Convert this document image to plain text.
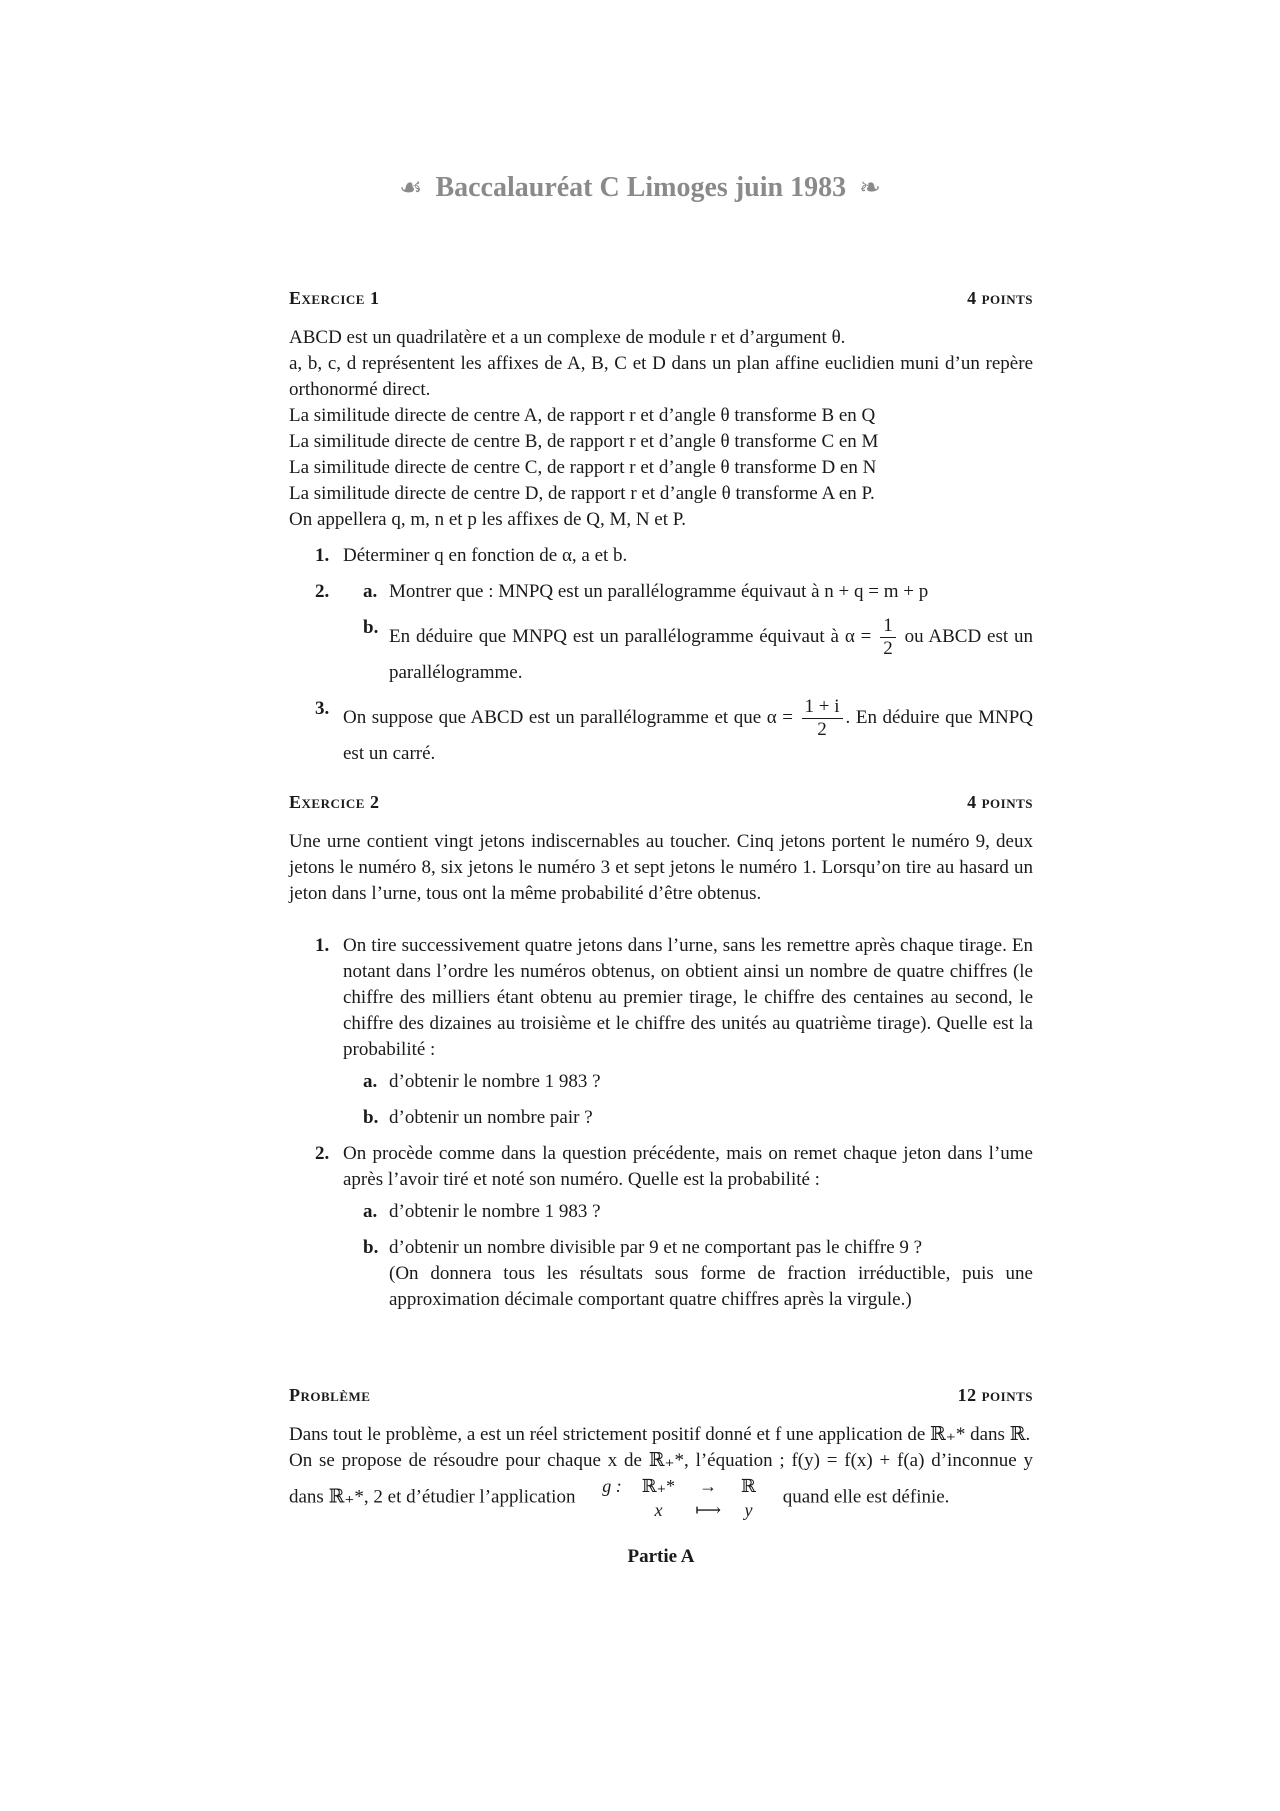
☙ Baccalauréat C Limoges juin 1983 ❧
Exercice 1	4 points
ABCD est un quadrilatère et a un complexe de module r et d’argument θ.
a, b, c, d représentent les affixes de A, B, C et D dans un plan affine euclidien muni d’un repère orthonormé direct.
La similitude directe de centre A, de rapport r et d’angle θ transforme B en Q
La similitude directe de centre B, de rapport r et d’angle θ transforme C en M
La similitude directe de centre C, de rapport r et d’angle θ transforme D en N
La similitude directe de centre D, de rapport r et d’angle θ transforme A en P.
On appellera q, m, n et p les affixes de Q, M, N et P.
1. Déterminer q en fonction de α, a et b.
2. a. Montrer que : MNPQ est un parallélogramme équivaut à n + q = m + p
b. En déduire que MNPQ est un parallélogramme équivaut à $\alpha = \frac{1}{2}$ ou ABCD est un parallélogramme.
3. On suppose que ABCD est un parallélogramme et que $\alpha = \frac{1 + i}{2}$ . En déduire que MNPQ est un carré.
Exercice 2	4 points
Une urne contient vingt jetons indiscernables au toucher. Cinq jetons portent le numéro 9, deux jetons le numéro 8, six jetons le numéro 3 et sept jetons le numéro 1. Lorsqu’on tire au hasard un jeton dans l’urne, tous ont la même probabilité d’être obtenus.
1. On tire successivement quatre jetons dans l’urne, sans les remettre après chaque tirage. En notant dans l’ordre les numéros obtenus, on obtient ainsi un nombre de quatre chiffres (le chiffre des milliers étant obtenu au premier tirage, le chiffre des centaines au second, le chiffre des dizaines au troisième et le chiffre des unités au quatrième tirage). Quelle est la probabilité :
a. d’obtenir le nombre 1 983 ?
b. d’obtenir un nombre pair ?
2. On procède comme dans la question précédente, mais on remet chaque jeton dans l’ume après l’avoir tiré et noté son numéro. Quelle est la probabilité :
a. d’obtenir le nombre 1 983 ?
b. d’obtenir un nombre divisible par 9 et ne comportant pas le chiffre 9 ?
(On donnera tous les résultats sous forme de fraction irréductible, puis une approximation décimale comportant quatre chiffres après la virgule.)
Problème	12 points
Dans tout le problème, a est un réel strictement positif donné et f une application de ℝ₊* dans ℝ.
On se propose de résoudre pour chaque x de ℝ₊*, l’équation ; f(y) = f(x) + f(a) d’inconnue y dans ℝ₊*, 2 et d’étudier l’application
g :	ℝ₊*	→	ℝ
	x	⟼	y
quand elle est définie.
Partie A
